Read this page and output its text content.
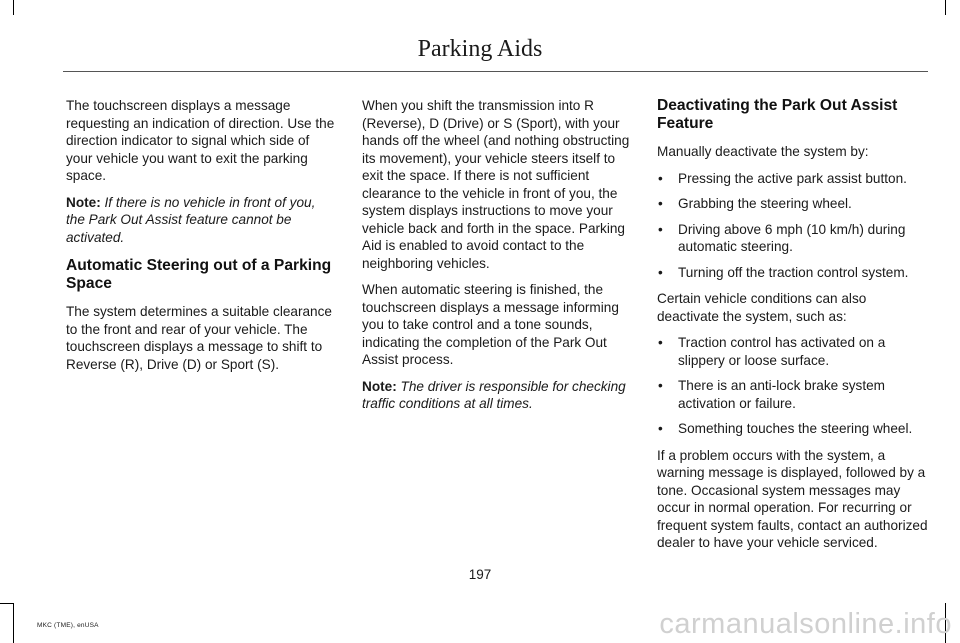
Parking Aids

The touchscreen displays a message requesting an indication of direction. Use the direction indicator to signal which side of your vehicle you want to exit the parking space.

Note: If there is no vehicle in front of you, the Park Out Assist feature cannot be activated.

Automatic Steering out of a Parking Space

The system determines a suitable clearance to the front and rear of your vehicle. The touchscreen displays a message to shift to Reverse (R), Drive (D) or Sport (S).

When you shift the transmission into R (Reverse), D (Drive) or S (Sport), with your hands off the wheel (and nothing obstructing its movement), your vehicle steers itself to exit the space. If there is not sufficient clearance to the vehicle in front of you, the system displays instructions to move your vehicle back and forth in the space. Parking Aid is enabled to avoid contact to the neighboring vehicles.

When automatic steering is finished, the touchscreen displays a message informing you to take control and a tone sounds, indicating the completion of the Park Out Assist process.

Note: The driver is responsible for checking traffic conditions at all times.

Deactivating the Park Out Assist Feature

Manually deactivate the system by:

• Pressing the active park assist button.
• Grabbing the steering wheel.
• Driving above 6 mph (10 km/h) during automatic steering.
• Turning off the traction control system.

Certain vehicle conditions can also deactivate the system, such as:

• Traction control has activated on a slippery or loose surface.
• There is an anti-lock brake system activation or failure.
• Something touches the steering wheel.

If a problem occurs with the system, a warning message is displayed, followed by a tone. Occasional system messages may occur in normal operation. For recurring or frequent system faults, contact an authorized dealer to have your vehicle serviced.

197
MKC (TME), enUSA	carmanualsonline.info
